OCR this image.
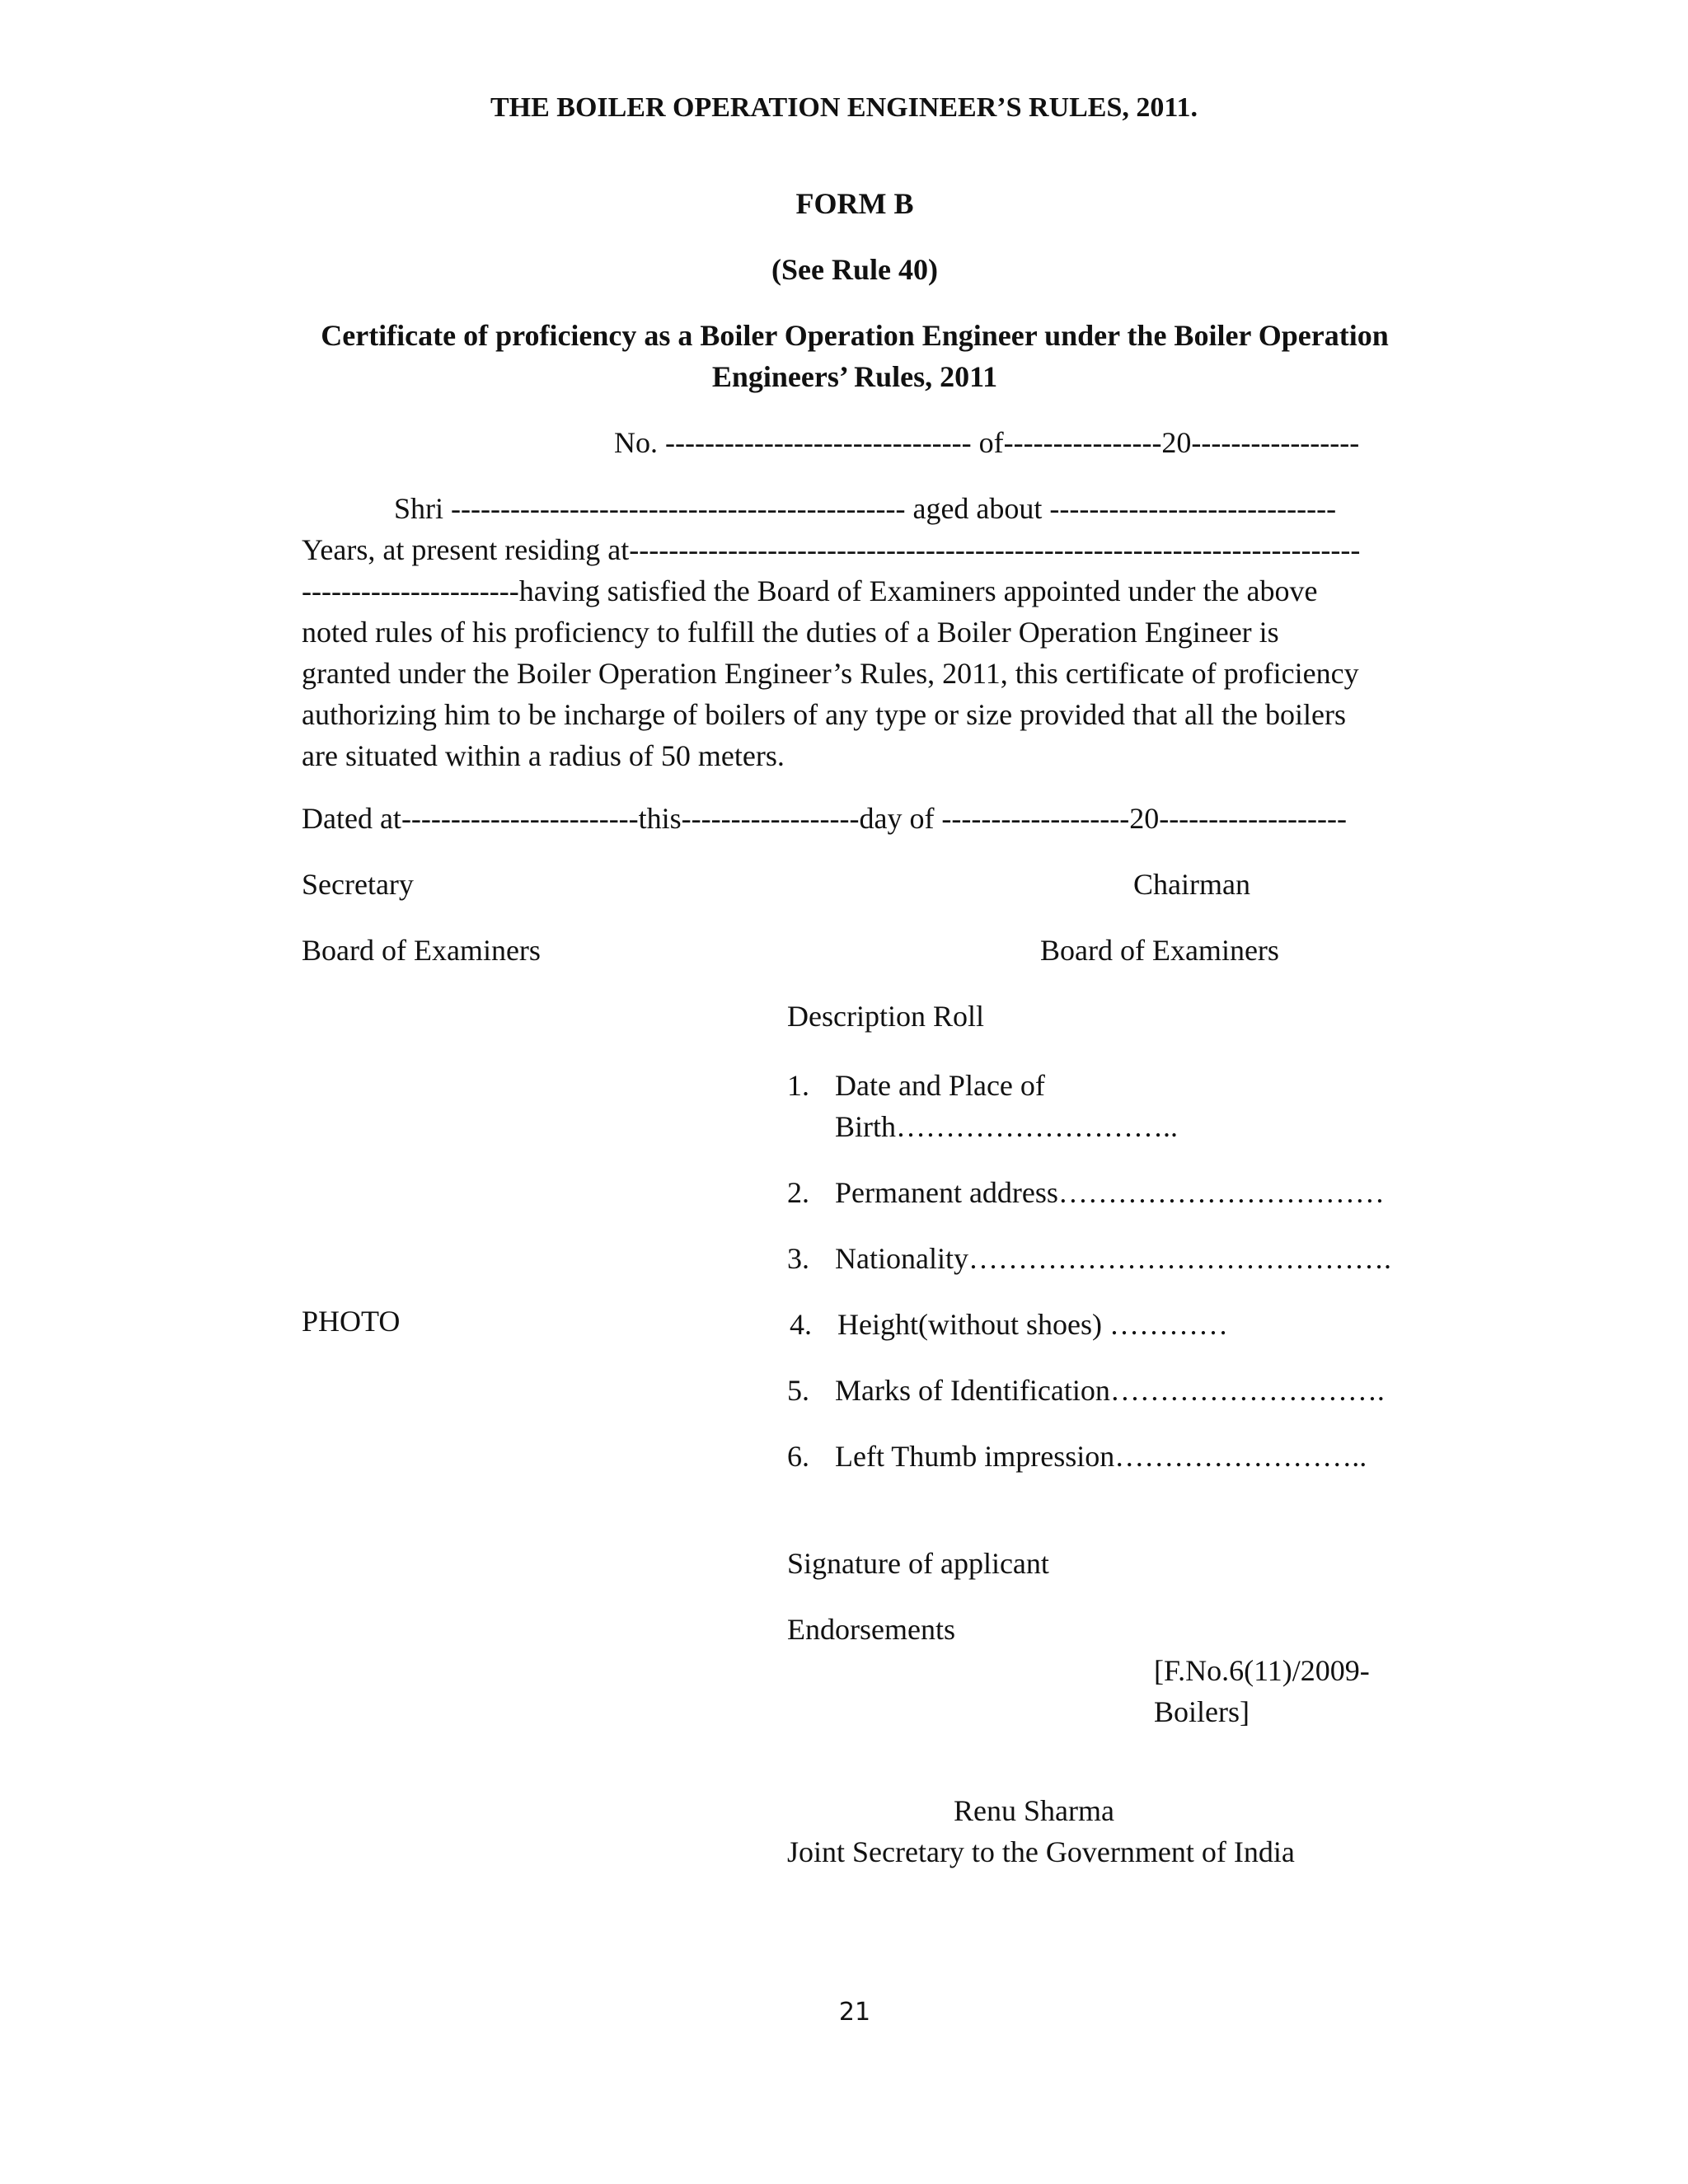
THE BOILER OPERATION ENGINEER’S RULES, 2011.
FORM B
(See Rule 40)
Certificate of proficiency as a Boiler Operation Engineer under the Boiler Operation
Engineers’ Rules, 2011
No. ------------------------------- of----------------20-----------------
Shri ---------------------------------------------- aged about -----------------------------
Years, at present residing at--------------------------------------------------------------------------
----------------------having satisfied the Board of Examiners appointed under the above
noted rules of his proficiency to fulfill the duties of a Boiler Operation Engineer is
granted under the Boiler Operation Engineer’s Rules, 2011, this certificate of proficiency
authorizing him to be incharge of boilers of any type or size provided that all the boilers
are situated within a radius of 50 meters.
Dated at------------------------this------------------day of -------------------20-------------------
Secretary	Chairman
Board of Examiners	Board of Examiners
Description Roll
1. Date and Place of
Birth………………………..
2. Permanent address……………………………
3. Nationality…………………………………….
PHOTO	4. Height(without shoes) …………
5. Marks of Identification……………………….
6. Left Thumb impression……………………..
Signature of applicant
Endorsements
[F.No.6(11)/2009-
Boilers]
Renu Sharma
Joint Secretary to the Government of India
21
